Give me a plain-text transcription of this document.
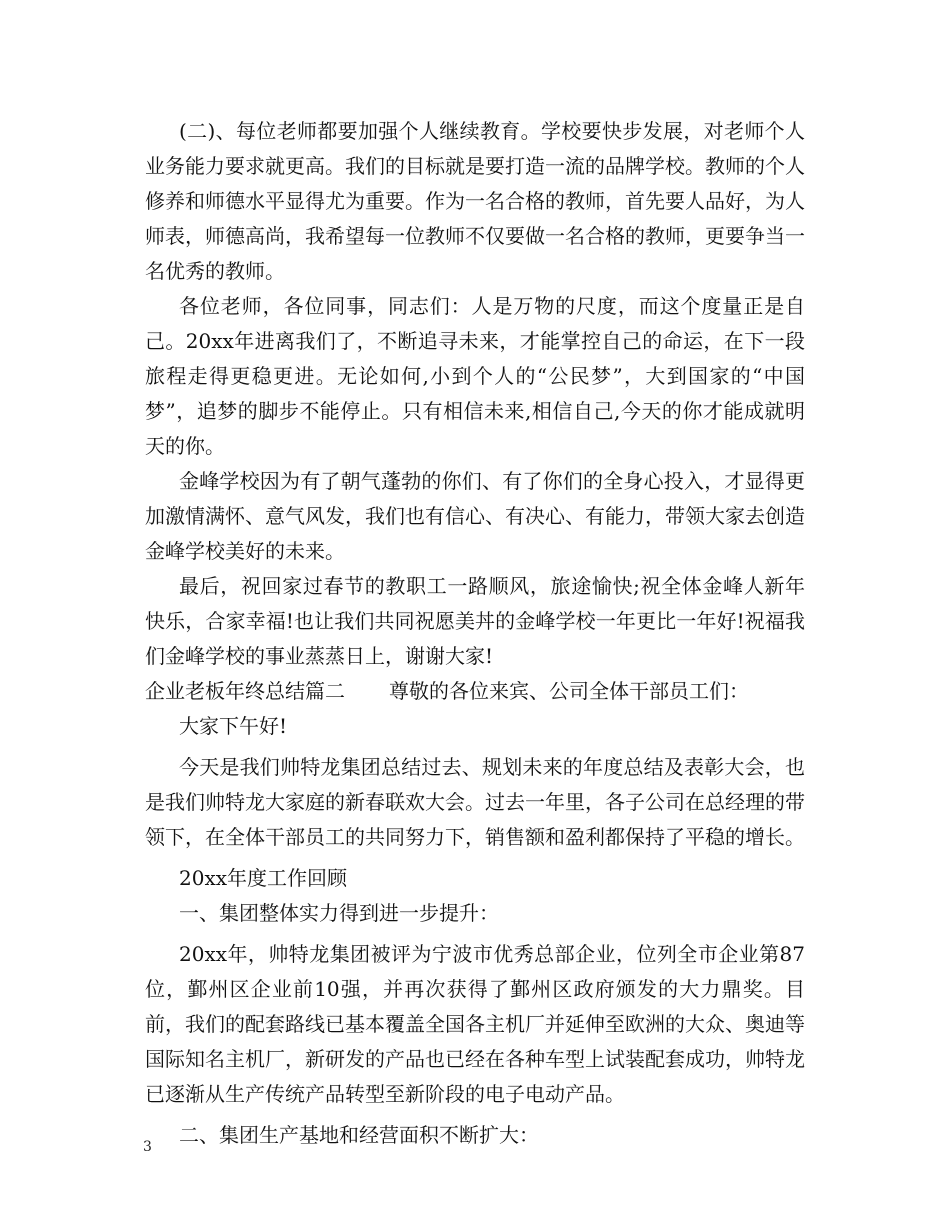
(二)、每位老师都要加强个人继续教育。学校要快步发展，对老师个人业务能力要求就更高。我们的目标就是要打造一流的品牌学校。教师的个人修养和师德水平显得尤为重要。作为一名合格的教师，首先要人品好，为人师表，师德高尚，我希望每一位教师不仅要做一名合格的教师，更要争当一名优秀的教师。

各位老师，各位同事，同志们：人是万物的尺度，而这个度量正是自己。20xx年进离我们了，不断追寻未来，才能掌控自己的命运，在下一段旅程走得更稳更进。无论如何,小到个人的“公民梦”，大到国家的“中国梦”，追梦的脚步不能停止。只有相信未来,相信自己,今天的你才能成就明天的你。

金峰学校因为有了朝气蓬勃的你们、有了你们的全身心投入，才显得更加激情满怀、意气风发，我们也有信心、有决心、有能力，带领大家去创造金峰学校美好的未来。

最后，祝回家过春节的教职工一路顺风，旅途愉快;祝全体金峰人新年快乐，合家幸福!也让我们共同祝愿美丼的金峰学校一年更比一年好!祝福我们金峰学校的事业蒸蒸日上，谢谢大家!

企业老板年终总结篇二 尊敬的各位来宾、公司全体干部员工们：

大家下午好!

今天是我们帅特龙集团总结过去、规划未来的年度总结及表彰大会，也是我们帅特龙大家庭的新春联欢大会。过去一年里，各子公司在总经理的带领下，在全体干部员工的共同努力下，销售额和盈利都保持了平稳的增长。

20xx年度工作回顾

一、集团整体实力得到进一步提升：

20xx年，帅特龙集团被评为宁波市优秀总部企业，位列全市企业第87位，鄞州区企业前10强，并再次获得了鄞州区政府颁发的大力鼎奖。目前，我们的配套路线已基本覆盖全国各主机厂并延伸至欧洲的大众、奥迪等国际知名主机厂，新研发的产品也已经在各种车型上试装配套成功，帅特龙已逐渐从生产传统产品转型至新阶段的电子电动产品。

二、集团生产基地和经营面积不断扩大：

3
